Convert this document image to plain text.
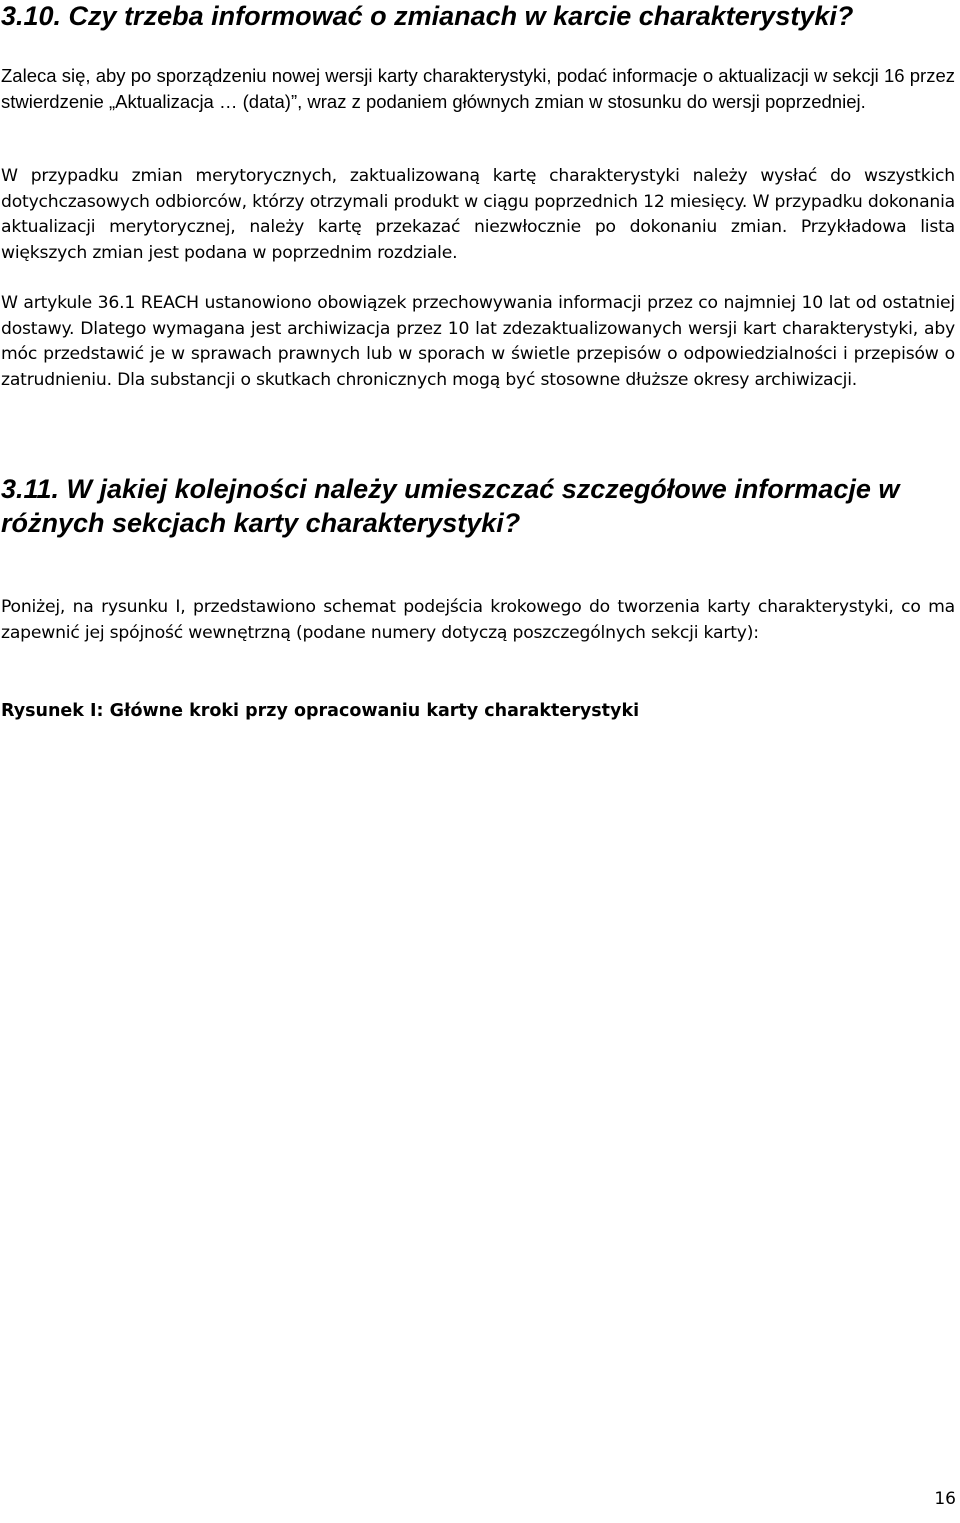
3.10. Czy trzeba informować o zmianach w karcie charakterystyki?

Zaleca się, aby po sporządzeniu nowej wersji karty charakterystyki, podać informacje o aktualizacji w sekcji 16 przez stwierdzenie „Aktualizacja … (data)”, wraz z podaniem głównych zmian w stosunku do wersji poprzedniej.

W przypadku zmian merytorycznych, zaktualizowaną kartę charakterystyki należy wysłać do wszystkich dotychczasowych odbiorców, którzy otrzymali produkt w ciągu poprzednich 12 miesięcy. W przypadku dokonania aktualizacji merytorycznej, należy kartę przekazać niezwłocznie po dokonaniu zmian. Przykładowa lista większych zmian jest podana w poprzednim rozdziale.

W artykule 36.1 REACH ustanowiono obowiązek przechowywania informacji przez co najmniej 10 lat od ostatniej dostawy. Dlatego wymagana jest archiwizacja przez 10 lat zdezaktualizowanych wersji kart charakterystyki, aby móc przedstawić je w sprawach prawnych lub w sporach w świetle przepisów o odpowiedzialności i przepisów o zatrudnieniu. Dla substancji o skutkach chronicznych mogą być stosowne dłuższe okresy archiwizacji.

3.11. W jakiej kolejności należy umieszczać szczegółowe informacje w różnych sekcjach karty charakterystyki?

Poniżej, na rysunku I, przedstawiono schemat podejścia krokowego do tworzenia karty charakterystyki, co ma zapewnić jej spójność wewnętrzną (podane numery dotyczą poszczególnych sekcji karty):

Rysunek I: Główne kroki przy opracowaniu karty charakterystyki

16
